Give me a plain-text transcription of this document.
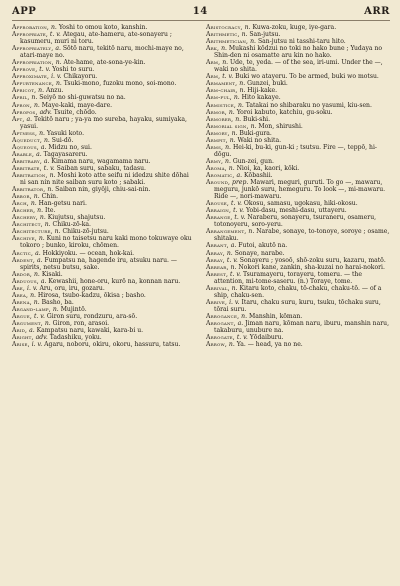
APP	14	ARR
Approbation, n. Yoshi to omou koto, kanshin.
Appropriate, t. v. Ategau, ate-hameru, ate-sonayeru ; kasumeru, muri ni toru.
Appropriately, a. Sōtō naru, tekitō naru, mochi-maye no, atari-maye no.
Appropriation, n. Ate-hame, ate-sona-ye-kin.
Approve, t. v. Yoshi to suru.
Approximate, i. v. Chikayoru.
Appurtenance, n. Tsuki-mono, fuzoku mono, soi-mono.
Apricot, n. Anzu.
April, n. Seiyō no shi-guwatsu no na.
Apron, n. Maye-kaki, maye-dare.
Apropos, adv. Tsuite, chōdo.
Apt, a. Tekitō naru ; ya-ya mo sureba, hayaku, sumiyaka, yasui.
Aptness, n. Yasuki koto.
Aqueduct, n. Sui-dō.
Aqueous, a. Midzu no, sui.
Arable, a. Tagayasareru.
Arbitrary, a. Kimama naru, wagamama naru.
Arbitrate, t. v. Saiban suru, sabaku, tadasu.
Arbitration, n. Moshi koto atte seifu ni idedzu shite dōhai ni san nin nite saiban suru koto ; sabaki.
Arbitrator, n. Saiban nin, giyōji, chiu-sai-nin.
Arbor, n. Chin.
Arch, n. Han-getsu nari.
Archer, n. Ite.
Archery, n. Kiujutsu, shajutsu.
Architect, n. Chiku-zō-ka.
Architecture, n. Chiku-zō-jutsu.
Archive, n. Kuni no taisetsu naru kaki mono tokuwaye oku tokoro ; bunko, kiroku, chōmen.
Arctic, a. Hokkiyoku. — ocean, hok-kai.
Ardent, a. Fumpatsu na, hagende iru, atsuku naru. — spirits, netsu butsu, sake.
Ardor, n. Kisaki.
Arduous, a. Kewashii, hone-oru, kurō na, konnan naru.
Are, i. v. Aru, oru, iru, gozaru.
Area, n. Hirosa, tsubo-kadzu, ōkisa ; basho.
Arena, n. Basho, ba.
Argand-lamp, n. Mujintō.
Argue, t. v. Giron suru, rondzuru, ara-sō.
Argument, n. Giron, ron, arasoi.
Arid, a. Kampatsu naru, kawaki, kara-bi u.
Aright, adv. Tadashiku, yoku.
Arise, i. v. Agaru, noboru, okiru, okoru, hassuru, tatsu.
Aristocracy, n. Kuwa-zoku, kuge, iye-gara.
Arithmetic, n. San-jutsu.
Arithmetician, n. San-jutsu ni tasshi-taru hito.
Ark, n. Mukashi kōdzui no toki no hako bune ; Yudaya no Shin-den ni osamatte aru kin no hako.
Arm, n. Ude, te, yeda. — of the sea, iri-umi. Under the —, waki no shita.
Arm, t. v. Buki wo atayeru. To be armed, buki wo motsu.
Armament, n. Gunzei, buki.
Arm-chair, n. Hiji-kake.
Arm-ful, n. Hito kakaye.
Armistice, n. Tatakai no shibaraku no yasumi, kiu-sen.
Armor, n. Yoroi kabuto, katchiu, gu-soku.
Armorer, n. Buki-shi.
Armorial sign, n. Mon, shirushi.
Armory, n. Buki-gura.
Armpit, n. Waki no shita.
Arms, n. Hei-ki, bu-ki, gun-ki ; tsutsu. Fire —, teppō, hi-dōgu.
Army, n. Gun-zei, gun.
Aroma, n. Nioi, ka, kaori, kōki.
Aromatic, a. Kōbashii.
Around, prep. Mawari, meguri, guruti. To go —, mawaru, meguru, junkō suru, hemeguru. To look —, mi-mawaru. Ride —, nori-mawaru.
Arouse, t. v. Okosu, samasu, ugokasu, hiki-okosu.
Arraign, t. v. Yobi-dasu, meshi-dasu, uttayeru.
Arrange, t. v. Naraberu, sonayeru, tsuraneru, osameru, totonoyeru, soro-yeru.
Arrangement, n. Narabe, sonaye, to-tonoye, soroye ; osame, shitaku.
Arrant, a. Futoi, akutō na.
Array, n. Sonaye, narabe.
Array, t. v. Sonayeru ; yosoō, shō-zoku suru, kazaru, matō.
Arrear, n. Nokori kane, zankin, sha-kuzai no harai-nokori.
Arrest, t. v. Tsuramayeru, torayeru, tomeru. — the attention, mi-tome-saseru. (n.) Toraye, tome.
Arrival, n. Kitaru koto, chaku, tō-chaku, chaku-tō. — of a ship, chaku-sen.
Arrive, i. v. Itaru, chaku suru, kuru, tsuku, tōchaku suru, tōrai suru.
Arrogance, n. Manshin, kōman.
Arrogant, a. Jiman naru, kōman naru, iburu, manshin naru, takaburu, unubure na.
Arrogate, t. v. Yōdaiburu.
Arrow, n. Ya. — head, ya no ne.
